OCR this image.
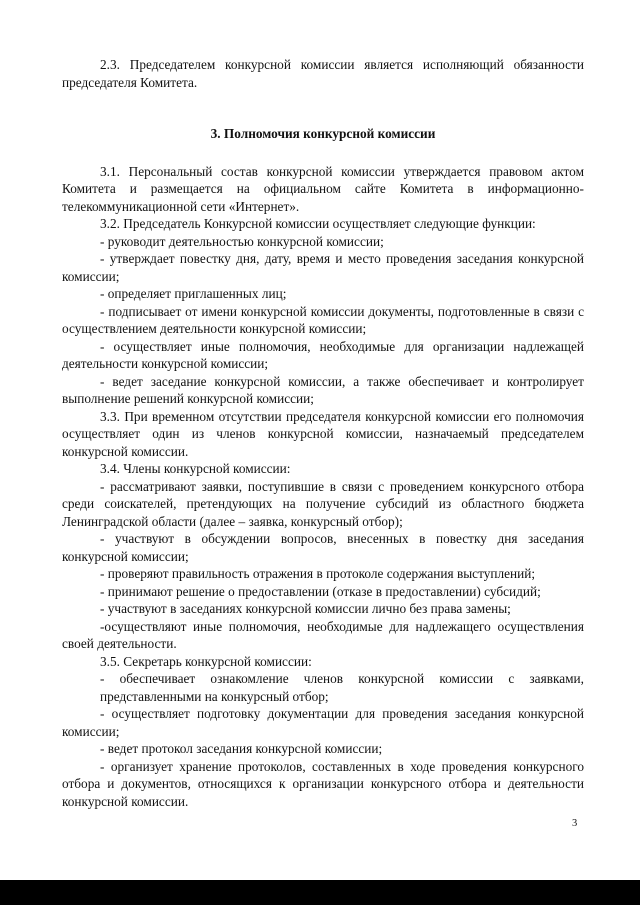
2.3. Председателем конкурсной комиссии является исполняющий обязанности председателя Комитета.

3. Полномочия конкурсной комиссии

3.1. Персональный состав конкурсной комиссии утверждается правовом актом Комитета и размещается на официальном сайте Комитета в информационно-телекоммуникационной сети «Интернет».

3.2. Председатель Конкурсной комиссии осуществляет следующие функции:

- руководит деятельностью конкурсной комиссии;

- утверждает повестку дня, дату, время и место проведения заседания конкурсной комиссии;

- определяет приглашенных лиц;

- подписывает от имени конкурсной комиссии документы, подготовленные в связи с осуществлением деятельности конкурсной комиссии;

- осуществляет иные полномочия, необходимые для организации надлежащей деятельности конкурсной комиссии;

- ведет заседание конкурсной комиссии, а также обеспечивает и контролирует выполнение решений конкурсной комиссии;

3.3. При временном отсутствии председателя конкурсной комиссии его полномочия осуществляет один из членов конкурсной комиссии, назначаемый председателем конкурсной комиссии.

3.4. Члены конкурсной комиссии:

- рассматривают заявки, поступившие в связи с проведением конкурсного отбора среди соискателей, претендующих на получение субсидий из областного бюджета Ленинградской области (далее – заявка, конкурсный отбор);

- участвуют в обсуждении вопросов, внесенных в повестку дня заседания конкурсной комиссии;

- проверяют правильность отражения в протоколе содержания выступлений;

- принимают решение о предоставлении (отказе в предоставлении) субсидий;

- участвуют в заседаниях конкурсной комиссии лично без права замены;

-осуществляют иные полномочия, необходимые для надлежащего осуществления своей деятельности.

3.5. Секретарь конкурсной комиссии:

- обеспечивает ознакомление членов конкурсной комиссии с заявками, представленными на конкурсный отбор;

- осуществляет подготовку документации для проведения заседания конкурсной комиссии;

- ведет протокол заседания конкурсной комиссии;

- организует хранение протоколов, составленных в ходе проведения конкурсного отбора и документов, относящихся к организации конкурсного отбора и деятельности конкурсной комиссии.

3
